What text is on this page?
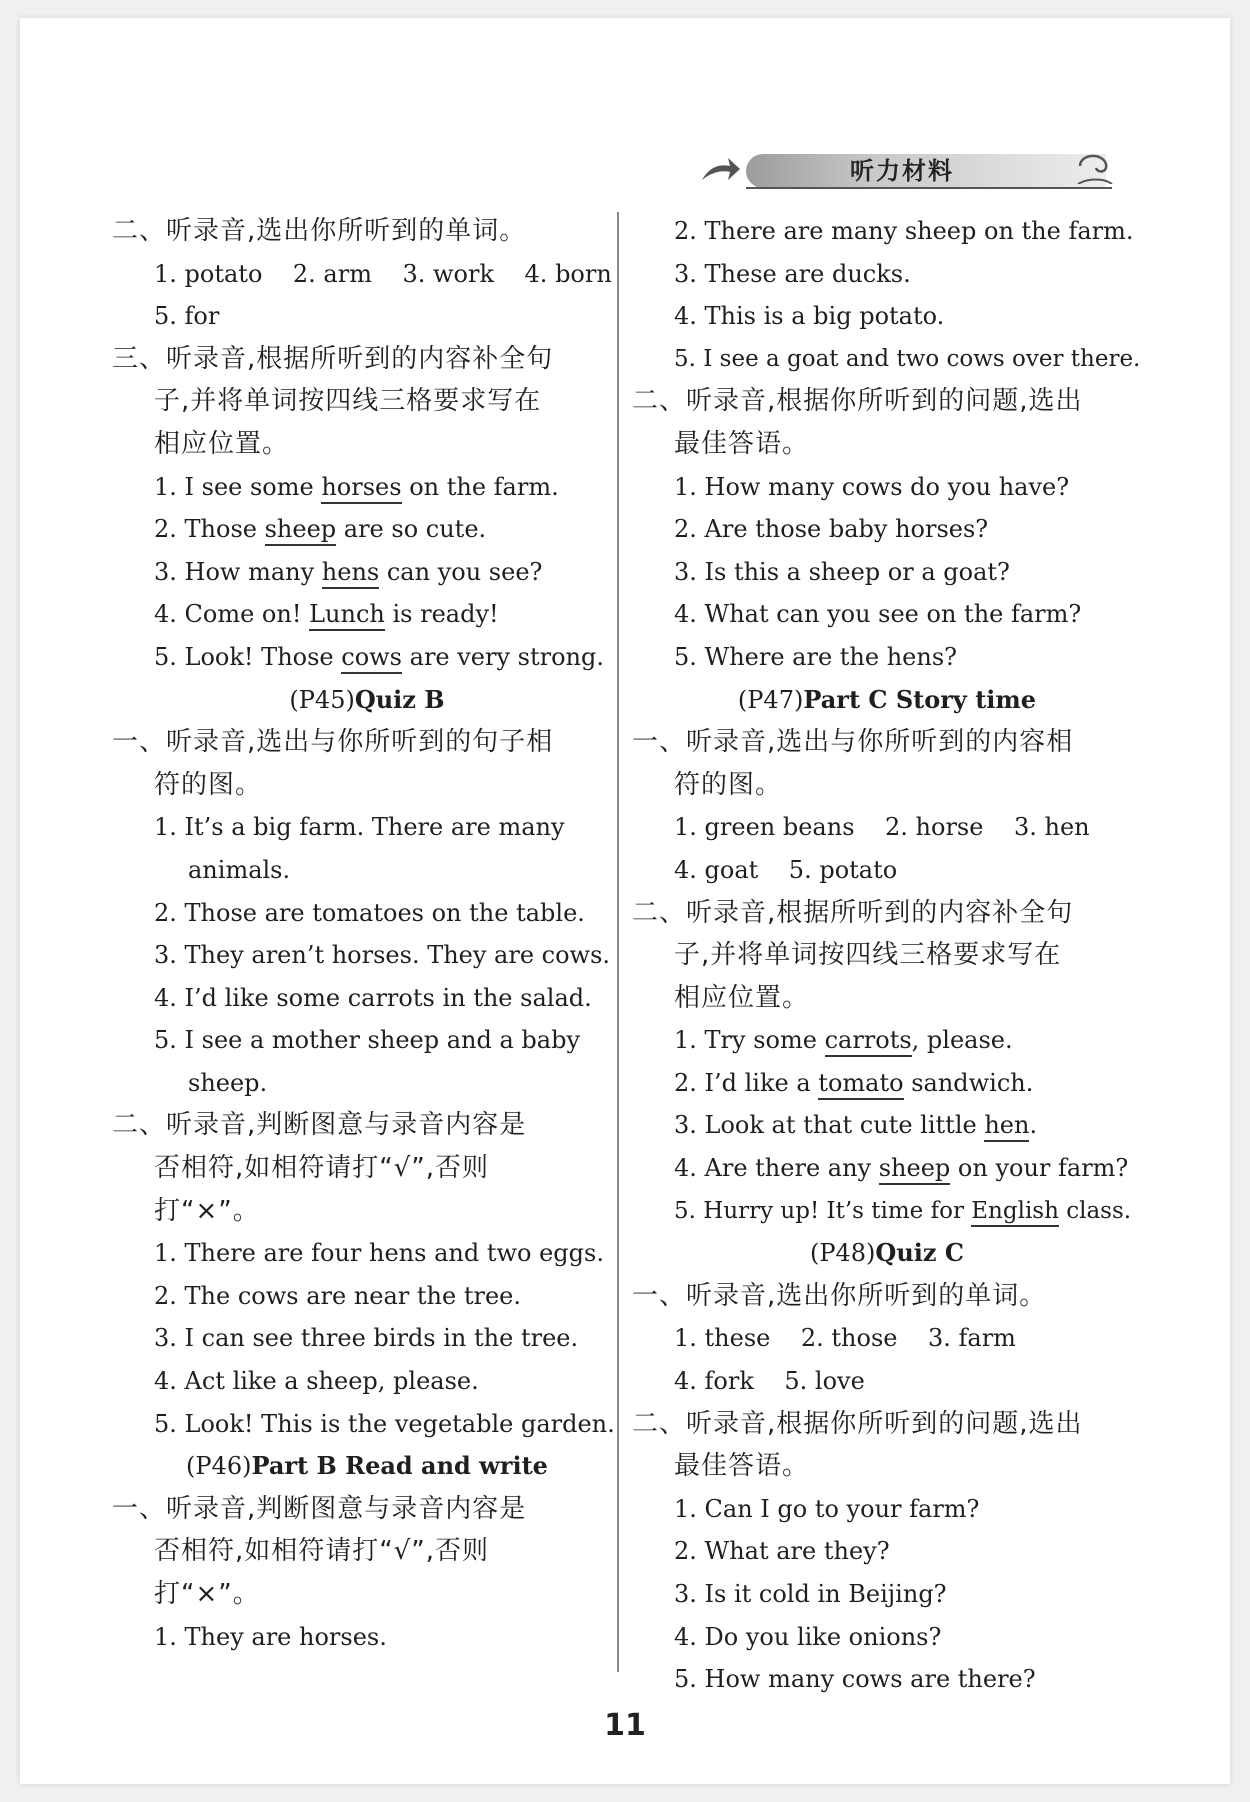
听力材料
二、听录音,选出你所听到的单词。
1. potato    2. arm    3. work    4. born
5. for
三、听录音,根据所听到的内容补全句
子,并将单词按四线三格要求写在
相应位置。
1. I see some horses on the farm.
2. Those sheep are so cute.
3. How many hens can you see?
4. Come on! Lunch is ready!
5. Look! Those cows are very strong.
(P45)Quiz B
一、听录音,选出与你所听到的句子相
符的图。
1. It’s a big farm. There are many
animals.
2. Those are tomatoes on the table.
3. They aren’t horses. They are cows.
4. I’d like some carrots in the salad.
5. I see a mother sheep and a baby
sheep.
二、听录音,判断图意与录音内容是
否相符,如相符请打“√”,否则
打“×”。
1. There are four hens and two eggs.
2. The cows are near the tree.
3. I can see three birds in the tree.
4. Act like a sheep, please.
5. Look! This is the vegetable garden.
(P46)Part B Read and write
一、听录音,判断图意与录音内容是
否相符,如相符请打“√”,否则
打“×”。
1. They are horses.
2. There are many sheep on the farm.
3. These are ducks.
4. This is a big potato.
5. I see a goat and two cows over there.
二、听录音,根据你所听到的问题,选出
最佳答语。
1. How many cows do you have?
2. Are those baby horses?
3. Is this a sheep or a goat?
4. What can you see on the farm?
5. Where are the hens?
(P47)Part C Story time
一、听录音,选出与你所听到的内容相
符的图。
1. green beans    2. horse    3. hen
4. goat    5. potato
二、听录音,根据所听到的内容补全句
子,并将单词按四线三格要求写在
相应位置。
1. Try some carrots, please.
2. I’d like a tomato sandwich.
3. Look at that cute little hen.
4. Are there any sheep on your farm?
5. Hurry up! It’s time for English class.
(P48)Quiz C
一、听录音,选出你所听到的单词。
1. these    2. those    3. farm
4. fork    5. love
二、听录音,根据你所听到的问题,选出
最佳答语。
1. Can I go to your farm?
2. What are they?
3. Is it cold in Beijing?
4. Do you like onions?
5. How many cows are there?
11
